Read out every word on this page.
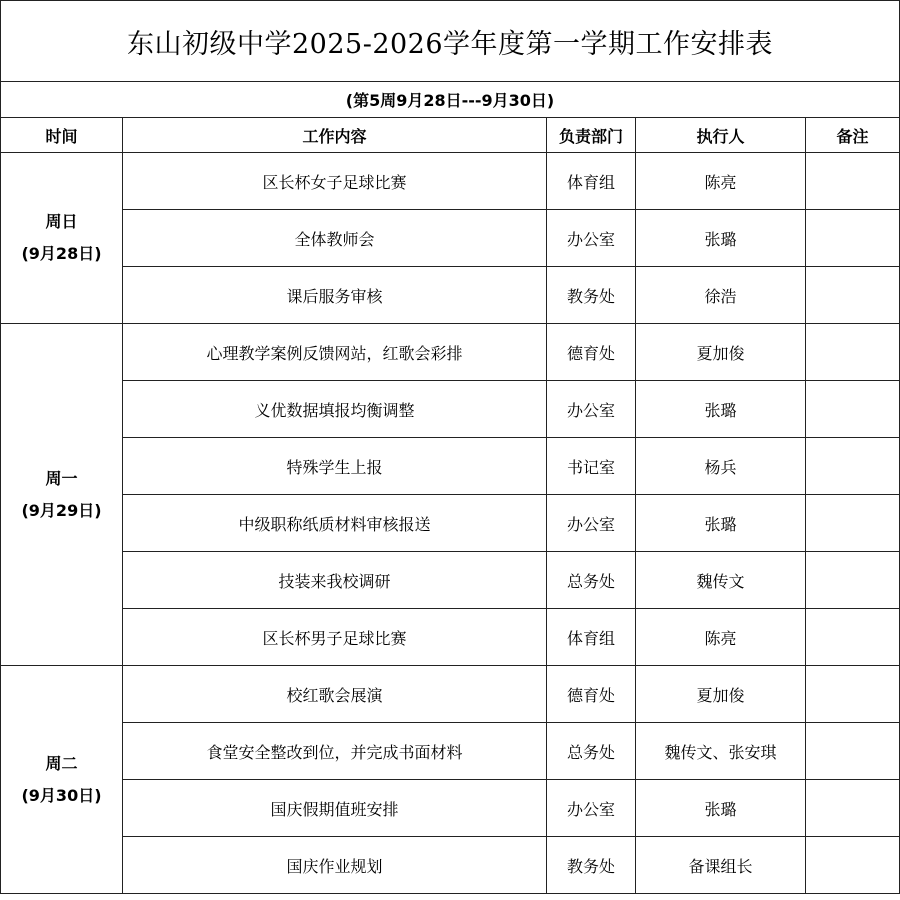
东山初级中学2025-2026学年度第一学期工作安排表				
(第5周9月28日---9月30日)				
时间	工作内容	负责部门	执行人	备注

周日
(9月28日)	区长杯女子足球比赛	体育组	陈亮	
	全体教师会	办公室	张璐	
	课后服务审核	教务处	徐浩	

周一
(9月29日)	心理教学案例反馈网站，红歌会彩排	德育处	夏加俊	
	义优数据填报均衡调整	办公室	张璐	
	特殊学生上报	书记室	杨兵	
	中级职称纸质材料审核报送	办公室	张璐	
	技装来我校调研	总务处	魏传文	
	区长杯男子足球比赛	体育组	陈亮	

周二
(9月30日)	校红歌会展演	德育处	夏加俊	
	食堂安全整改到位，并完成书面材料	总务处	魏传文、张安琪	
	国庆假期值班安排	办公室	张璐	
	国庆作业规划	教务处	备课组长	
